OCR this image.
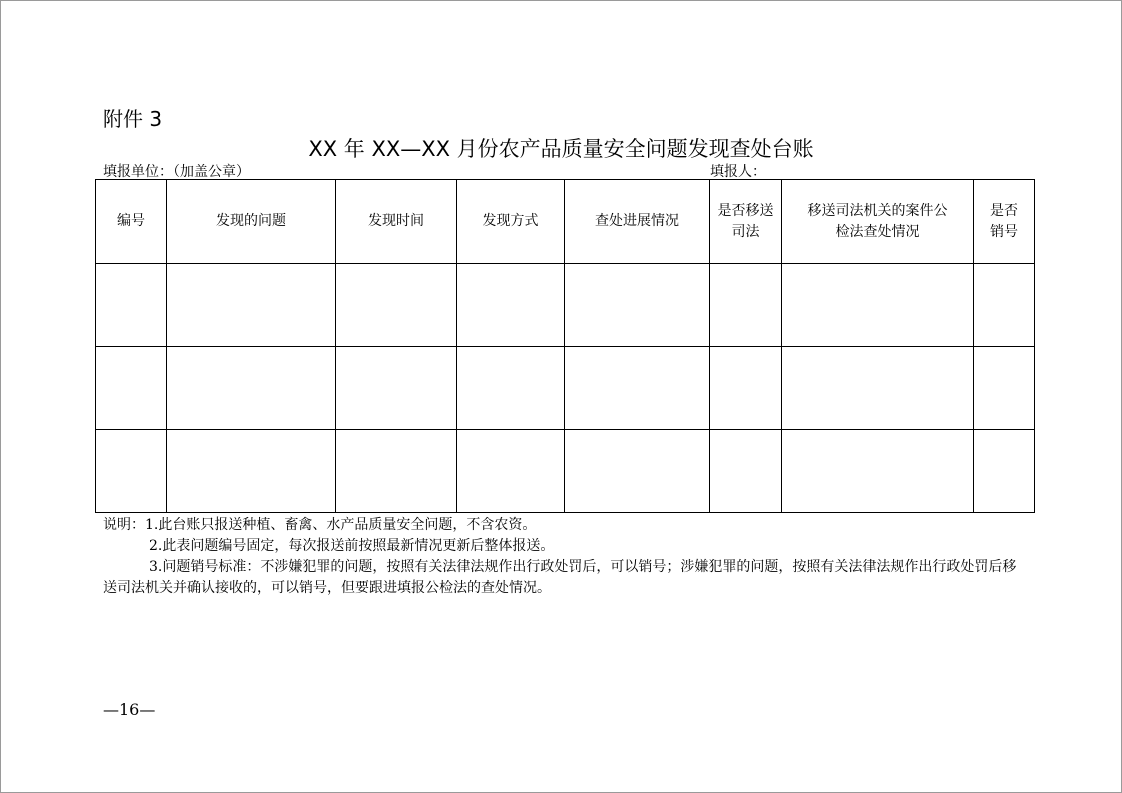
附件 3
XX 年 XX—XX 月份农产品质量安全问题发现查处台账
填报单位：（加盖公章）	填报人：
编号	发现的问题	发现时间	发现方式	查处进展情况	是否移送司法	移送司法机关的案件公检法查处情况	是否销号

说明：1.此台账只报送种植、畜禽、水产品质量安全问题，不含农资。

2.此表问题编号固定，每次报送前按照最新情况更新后整体报送。

3.问题销号标准：不涉嫌犯罪的问题，按照有关法律法规作出行政处罚后，可以销号；涉嫌犯罪的问题，按照有关法律法规作出行政处罚后移送司法机关并确认接收的，可以销号，但要跟进填报公检法的查处情况。

—16—
